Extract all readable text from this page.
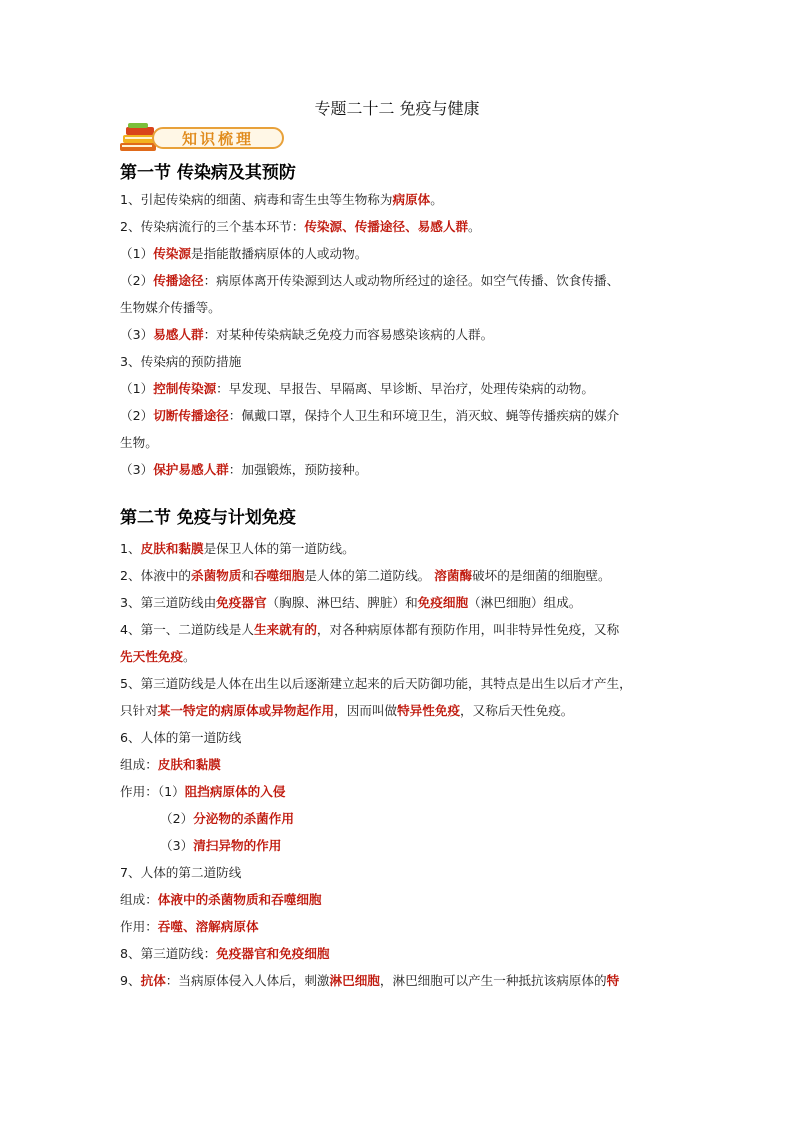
专题二十二 免疫与健康
知识梳理
第一节 传染病及其预防

1、引起传染病的细菌、病毒和寄生虫等生物称为病原体。

2、传染病流行的三个基本环节：传染源、传播途径、易感人群。

（1）传染源是指能散播病原体的人或动物。

（2）传播途径：病原体离开传染源到达人或动物所经过的途径。如空气传播、饮食传播、

生物媒介传播等。

（3）易感人群：对某种传染病缺乏免疫力而容易感染该病的人群。

3、传染病的预防措施

（1）控制传染源：早发现、早报告、早隔离、早诊断、早治疗，处理传染病的动物。

（2）切断传播途径：佩戴口罩，保持个人卫生和环境卫生，消灭蚊、蝇等传播疾病的媒介

生物。

（3）保护易感人群：加强锻炼，预防接种。

第二节 免疫与计划免疫

1、皮肤和黏膜是保卫人体的第一道防线。

2、体液中的杀菌物质和吞噬细胞是人体的第二道防线。 溶菌酶破坏的是细菌的细胞壁。

3、第三道防线由免疫器官（胸腺、淋巴结、脾脏）和免疫细胞（淋巴细胞）组成。

4、第一、二道防线是人生来就有的，对各种病原体都有预防作用，叫非特异性免疫，又称

先天性免疫。

5、第三道防线是人体在出生以后逐渐建立起来的后天防御功能，其特点是出生以后才产生，

只针对某一特定的病原体或异物起作用，因而叫做特异性免疫，又称后天性免疫。

6、人体的第一道防线

组成：皮肤和黏膜

作用：（1）阻挡病原体的入侵

（2）分泌物的杀菌作用

（3）清扫异物的作用

7、人体的第二道防线

组成：体液中的杀菌物质和吞噬细胞

作用：吞噬、溶解病原体

8、第三道防线：免疫器官和免疫细胞

9、抗体：当病原体侵入人体后，刺激淋巴细胞，淋巴细胞可以产生一种抵抗该病原体的特
